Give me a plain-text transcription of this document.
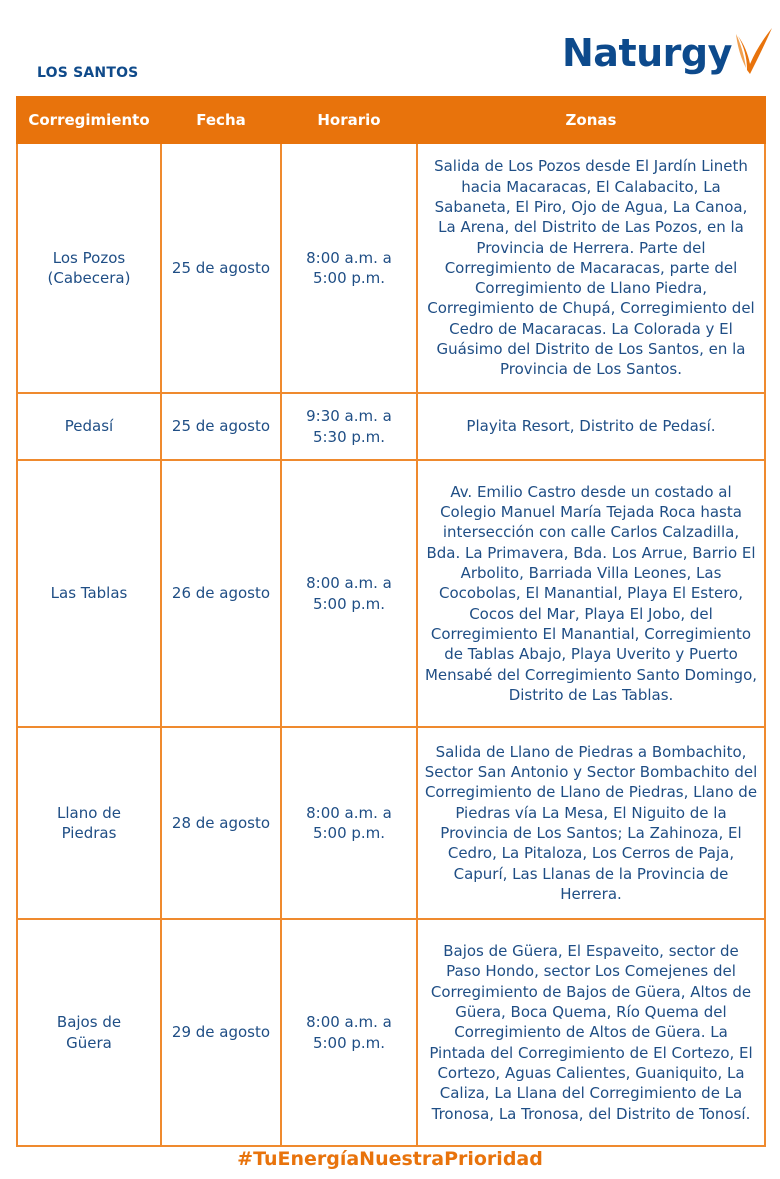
LOS SANTOS	Naturgy
Corregimiento	Fecha	Horario	Zonas
Los Pozos (Cabecera)	25 de agosto	8:00 a.m. a 5:00 p.m.	Salida de Los Pozos desde El Jardín Lineth hacia Macaracas, El Calabacito, La Sabaneta, El Piro, Ojo de Agua, La Canoa, La Arena, del Distrito de Las Pozos, en la Provincia de Herrera. Parte del Corregimiento de Macaracas, parte del Corregimiento de Llano Piedra, Corregimiento de Chupá, Corregimiento del Cedro de Macaracas. La Colorada y El Guásimo del Distrito de Los Santos, en la Provincia de Los Santos.
Pedasí	25 de agosto	9:30 a.m. a 5:30 p.m.	Playita Resort, Distrito de Pedasí.
Las Tablas	26 de agosto	8:00 a.m. a 5:00 p.m.	Av. Emilio Castro desde un costado al Colegio Manuel María Tejada Roca hasta intersección con calle Carlos Calzadilla, Bda. La Primavera, Bda. Los Arrue, Barrio El Arbolito, Barriada Villa Leones, Las Cocobolas, El Manantial, Playa El Estero, Cocos del Mar, Playa El Jobo, del Corregimiento El Manantial, Corregimiento de Tablas Abajo, Playa Uverito y Puerto Mensabé del Corregimiento Santo Domingo, Distrito de Las Tablas.
Llano de Piedras	28 de agosto	8:00 a.m. a 5:00 p.m.	Salida de Llano de Piedras a Bombachito, Sector San Antonio y Sector Bombachito del Corregimiento de Llano de Piedras, Llano de Piedras vía La Mesa, El Niguito de la Provincia de Los Santos; La Zahinoza, El Cedro, La Pitaloza, Los Cerros de Paja, Capurí, Las Llanas de la Provincia de Herrera.
Bajos de Güera	29 de agosto	8:00 a.m. a 5:00 p.m.	Bajos de Güera, El Espaveito, sector de Paso Hondo, sector Los Comejenes del Corregimiento de Bajos de Güera, Altos de Güera, Boca Quema, Río Quema del Corregimiento de Altos de Güera. La Pintada del Corregimiento de El Cortezo, El Cortezo, Aguas Calientes, Guaniquito, La Caliza, La Llana del Corregimiento de La Tronosa, La Tronosa, del Distrito de Tonosí.
#TuEnergíaNuestraPrioridad
